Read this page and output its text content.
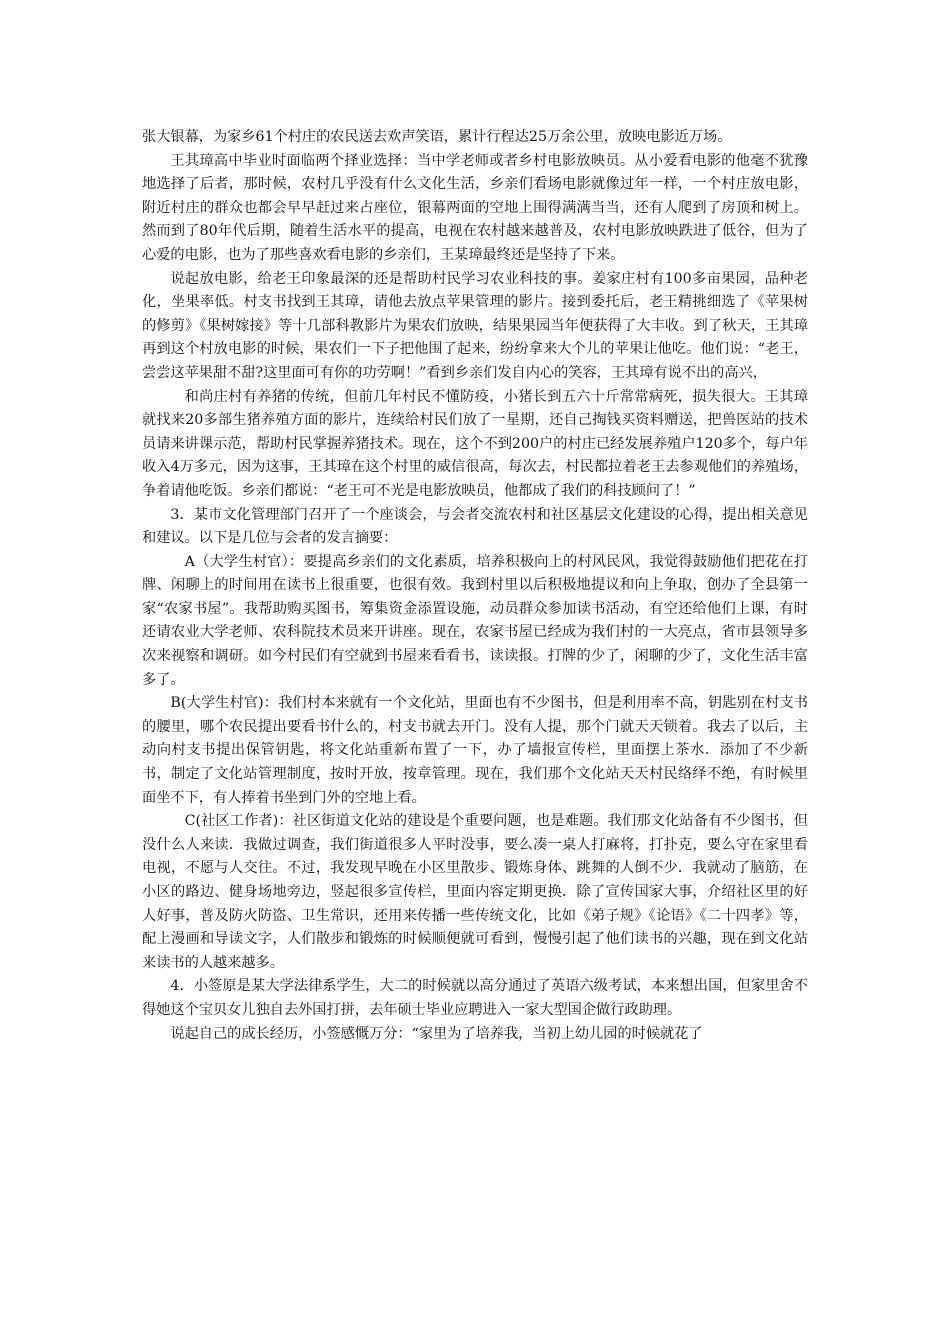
张大银幕，为家乡61个村庄的农民送去欢声笑语，累计行程达25万余公里，放映电影近万场。

王其璋高中毕业时面临两个择业选择：当中学老师或者乡村电影放映员。从小爱看电影的他毫不犹豫地选择了后者，那时候，农村几乎没有什么文化生活，乡亲们看场电影就像过年一样，一个村庄放电影，附近村庄的群众也都会早早赶过来占座位，银幕两面的空地上围得满满当当，还有人爬到了房顶和树上。然而到了80年代后期，随着生活水平的提高，电视在农村越来越普及，农村电影放映跌进了低谷，但为了心爱的电影，也为了那些喜欢看电影的乡亲们，王某璋最终还是坚持了下来。

说起放电影，给老王印象最深的还是帮助村民学习农业科技的事。姜家庄村有100多亩果园，品种老化，坐果率低。村支书找到王其璋，请他去放点苹果管理的影片。接到委托后，老王精挑细选了《苹果树的修剪》《果树嫁接》等十几部科教影片为果农们放映，结果果园当年便获得了大丰收。到了秋天，王其璋再到这个村放电影的时候，果农们一下子把他围了起来，纷纷拿来大个儿的苹果让他吃。他们说：“老王，尝尝这苹果甜不甜?这里面可有你的功劳啊！”看到乡亲们发自内心的笑容，王其璋有说不出的高兴，

和尚庄村有养猪的传统，但前几年村民不懂防疫，小猪长到五六十斤常常病死，损失很大。王其璋就找来20多部生猪养殖方面的影片，连续给村民们放了一星期，还自己掏钱买资料赠送，把兽医站的技术员请来讲课示范，帮助村民掌握养猪技术。现在，这个不到200户的村庄已经发展养殖户120多个，每户年收入4万多元，因为这事，王其璋在这个村里的威信很高，每次去，村民都拉着老王去参观他们的养殖场，争着请他吃饭。乡亲们都说：“老王可不光是电影放映员，他都成了我们的科技顾问了！”

3．某市文化管理部门召开了一个座谈会，与会者交流农村和社区基层文化建设的心得，提出相关意见和建议。以下是几位与会者的发言摘要：

A（大学生村官）：要提高乡亲们的文化素质，培养积极向上的村风民风，我觉得鼓励他们把花在打牌、闲聊上的时间用在读书上很重要，也很有效。我到村里以后积极地提议和向上争取，创办了全县第一家“农家书屋”。我帮助购买图书，筹集资金添置设施，动员群众参加读书活动，有空还给他们上课，有时还请农业大学老师、农科院技术员来开讲座。现在，农家书屋已经成为我们村的一大亮点，省市县领导多次来视察和调研。如今村民们有空就到书屋来看看书，读读报。打牌的少了，闲聊的少了，文化生活丰富多了。

B(大学生村官)：我们村本来就有一个文化站，里面也有不少图书，但是利用率不高，钥匙别在村支书的腰里，哪个农民提出要看书什么的，村支书就去开门。没有人提，那个门就天天锁着。我去了以后，主动向村支书提出保管钥匙，将文化站重新布置了一下，办了墙报宣传栏，里面摆上茶水．添加了不少新书，制定了文化站管理制度，按时开放，按章管理。现在，我们那个文化站天天村民络绎不绝，有时候里面坐不下，有人捧着书坐到门外的空地上看。

C(社区工作者)：社区街道文化站的建设是个重要问题，也是难题。我们那文化站备有不少图书，但没什么人来读．我做过调查，我们街道很多人平时没事，要么凑一桌人打麻将，打扑克，要么守在家里看电视，不愿与人交往。不过，我发现早晚在小区里散步、锻炼身体、跳舞的人倒不少．我就动了脑筋，在小区的路边、健身场地旁边，竖起很多宣传栏，里面内容定期更换．除了宣传国家大事，介绍社区里的好人好事，普及防火防盗、卫生常识，还用来传播一些传统文化，比如《弟子规》《论语》《二十四孝》等，配上漫画和导读文字，人们散步和锻炼的时候顺便就可看到，慢慢引起了他们读书的兴趣，现在到文化站来读书的人越来越多。

4．小签原是某大学法律系学生，大二的时候就以高分通过了英语六级考试，本来想出国，但家里舍不得她这个宝贝女儿独自去外国打拼，去年硕士毕业应聘进入一家大型国企做行政助理。

说起自己的成长经历，小签感慨万分：“家里为了培养我，当初上幼儿园的时候就花了
